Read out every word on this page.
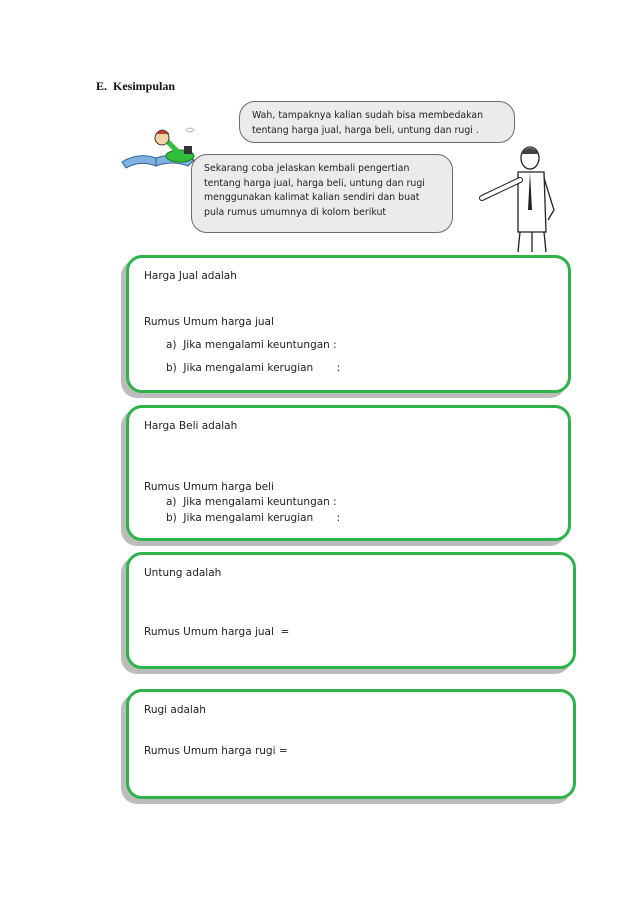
E.  Kesimpulan
Wah, tampaknya kalian sudah bisa membedakan tentang harga jual, harga beli, untung dan rugi .
Sekarang coba jelaskan kembali pengertian tentang harga jual, harga beli, untung dan rugi menggunakan kalimat kalian sendiri dan buat pula rumus umumnya di kolom berikut
Harga Jual adalah
Rumus Umum harga jual
a)  Jika mengalami keuntungan :
b)  Jika mengalami kerugian       :
Harga Beli adalah
Rumus Umum harga beli
a)  Jika mengalami keuntungan :
b)  Jika mengalami kerugian       :
Untung adalah
Rumus Umum harga jual  =
Rugi adalah
Rumus Umum harga rugi =
